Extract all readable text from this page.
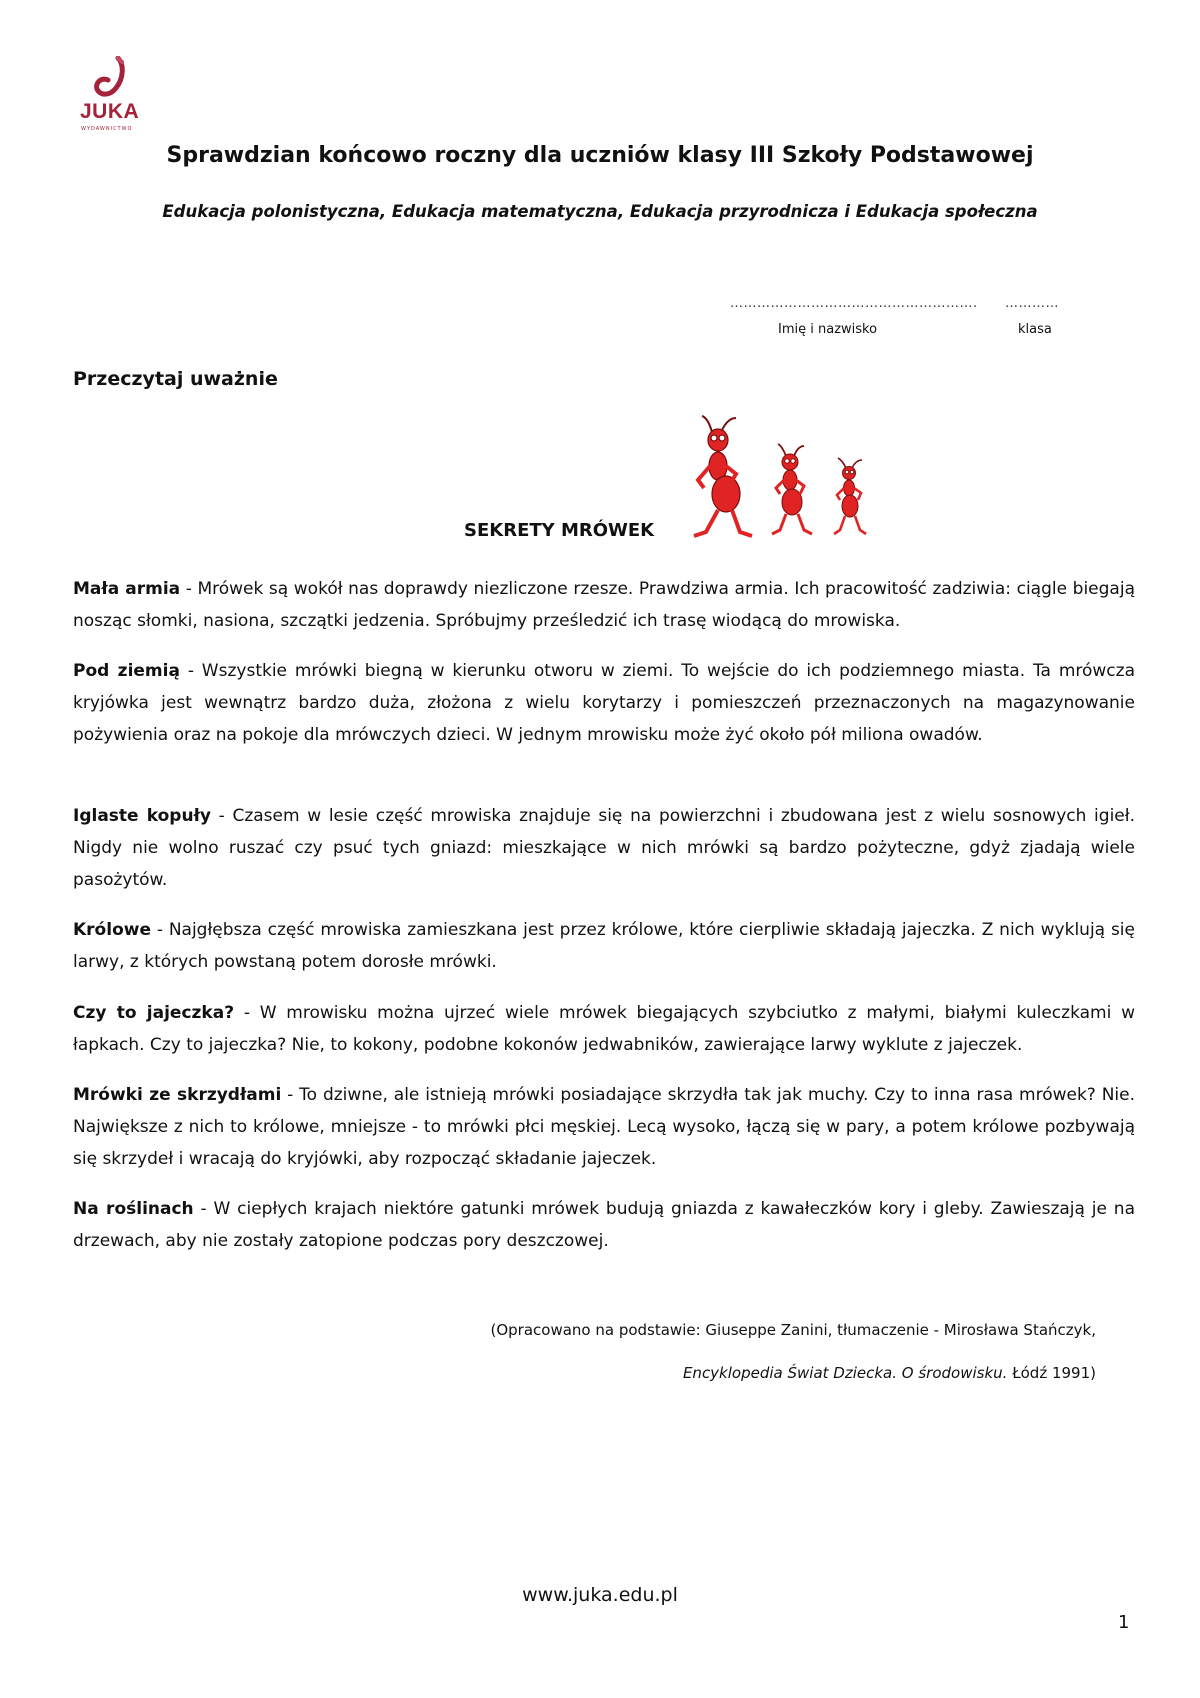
JUKA
WYDAWNICTWO
Sprawdzian końcowo roczny dla uczniów klasy III Szkoły Podstawowej
Edukacja polonistyczna, Edukacja matematyczna, Edukacja przyrodnicza i Edukacja społeczna
………………………………………………. …………
Imię i nazwisko	klasa
Przeczytaj uważnie
SEKRETY MRÓWEK

Mała armia - Mrówek są wokół nas doprawdy niezliczone rzesze. Prawdziwa armia. Ich pracowitość zadziwia: ciągle biegają nosząc słomki, nasiona, szczątki jedzenia. Spróbujmy prześledzić ich trasę wiodącą do mrowiska.

Pod ziemią - Wszystkie mrówki biegną w kierunku otworu w ziemi. To wejście do ich podziemnego miasta. Ta mrówcza kryjówka jest wewnątrz bardzo duża, złożona z wielu korytarzy i pomieszczeń przeznaczonych na magazynowanie pożywienia oraz na pokoje dla mrówczych dzieci. W jednym mrowisku może żyć około pół miliona owadów.

Iglaste kopuły - Czasem w lesie część mrowiska znajduje się na powierzchni i zbudowana jest z wielu sosnowych igieł. Nigdy nie wolno ruszać czy psuć tych gniazd: mieszkające w nich mrówki są bardzo pożyteczne, gdyż zjadają wiele pasożytów.

Królowe - Najgłębsza część mrowiska zamieszkana jest przez królowe, które cierpliwie składają jajeczka. Z nich wyklują się larwy, z których powstaną potem dorosłe mrówki.

Czy to jajeczka? - W mrowisku można ujrzeć wiele mrówek biegających szybciutko z małymi, białymi kuleczkami w łapkach. Czy to jajeczka? Nie, to kokony, podobne kokonów jedwabników, zawierające larwy wyklute z jajeczek.

Mrówki ze skrzydłami - To dziwne, ale istnieją mrówki posiadające skrzydła tak jak muchy. Czy to inna rasa mrówek? Nie. Największe z nich to królowe, mniejsze - to mrówki płci męskiej. Lecą wysoko, łączą się w pary, a potem królowe pozbywają się skrzydeł i wracają do kryjówki, aby rozpocząć składanie jajeczek.

Na roślinach - W ciepłych krajach niektóre gatunki mrówek budują gniazda z kawałeczków kory i gleby. Zawieszają je na drzewach, aby nie zostały zatopione podczas pory deszczowej.

(Opracowano na podstawie: Giuseppe Zanini, tłumaczenie - Mirosława Stańczyk,
Encyklopedia Świat Dziecka. O środowisku. Łódź 1991)
www.juka.edu.pl
1
